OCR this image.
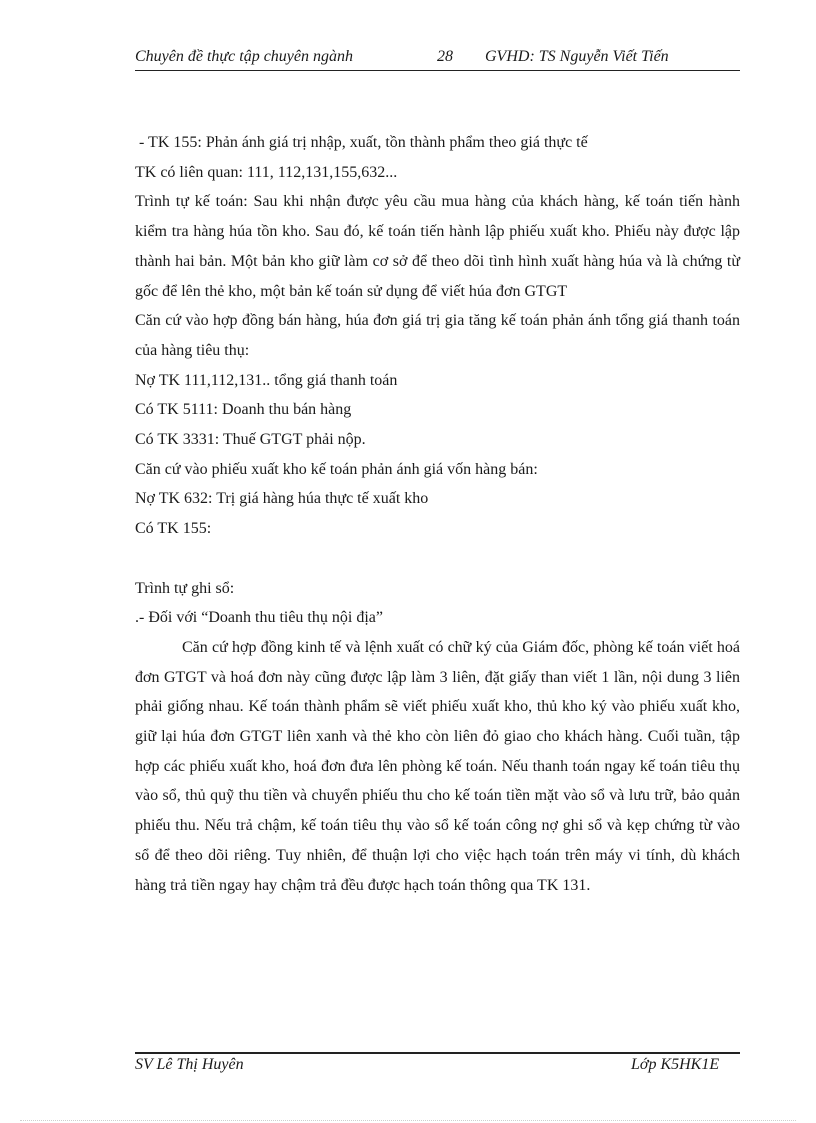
Chuyên đề thực tập chuyên ngành	28 GVHD: TS Nguyễn Viết Tiến

- TK 155: Phản ánh giá trị nhập, xuất, tồn thành phẩm theo giá thực tế

TK có liên quan: 111, 112,131,155,632...

Trình tự kế toán: Sau khi nhận được yêu cầu mua hàng của khách hàng, kế toán tiến hành kiểm tra hàng húa tồn kho. Sau đó, kế toán tiến hành lập phiếu xuất kho. Phiếu này được lập thành hai bản. Một bản kho giữ làm cơ sở để theo dõi tình hình xuất hàng húa và là chứng từ gốc để lên thẻ kho, một bản kế toán sử dụng để viết húa đơn GTGT

Căn cứ vào hợp đồng bán hàng, húa đơn giá trị gia tăng kế toán phản ánh tổng giá thanh toán của hàng tiêu thụ:

Nợ TK 111,112,131.. tổng giá thanh toán

Có TK 5111: Doanh thu bán hàng

Có TK 3331: Thuế GTGT phải nộp.

Căn cứ vào phiếu xuất kho kế toán phản ánh giá vốn hàng bán:

Nợ TK 632: Trị giá hàng húa thực tế xuất kho

Có TK 155:

Trình tự ghi sổ:

.- Đối với “Doanh thu tiêu thụ nội địa”

Căn cứ hợp đồng kinh tế và lệnh xuất có chữ ký của Giám đốc, phòng kế toán viết hoá đơn GTGT và hoá đơn này cũng được lập làm 3 liên, đặt giấy than viết 1 lần, nội dung 3 liên phải giống nhau. Kế toán thành phẩm sẽ viết phiếu xuất kho, thủ kho ký vào phiếu xuất kho, giữ lại húa đơn GTGT liên xanh và thẻ kho còn liên đỏ giao cho khách hàng. Cuối tuần, tập hợp các phiếu xuất kho, hoá đơn đưa lên phòng kế toán. Nếu thanh toán ngay kế toán tiêu thụ vào sổ, thủ quỹ thu tiền và chuyển phiếu thu cho kế toán tiền mặt vào sổ và lưu trữ, bảo quản phiếu thu. Nếu trả chậm, kế toán tiêu thụ vào sổ kế toán công nợ ghi sổ và kẹp chứng từ vào sổ để theo dõi riêng. Tuy nhiên, để thuận lợi cho việc hạch toán trên máy vi tính, dù khách hàng trả tiền ngay hay chậm trả đều được hạch toán thông qua TK 131.

SV Lê Thị Huyên	Lớp K5HK1E
